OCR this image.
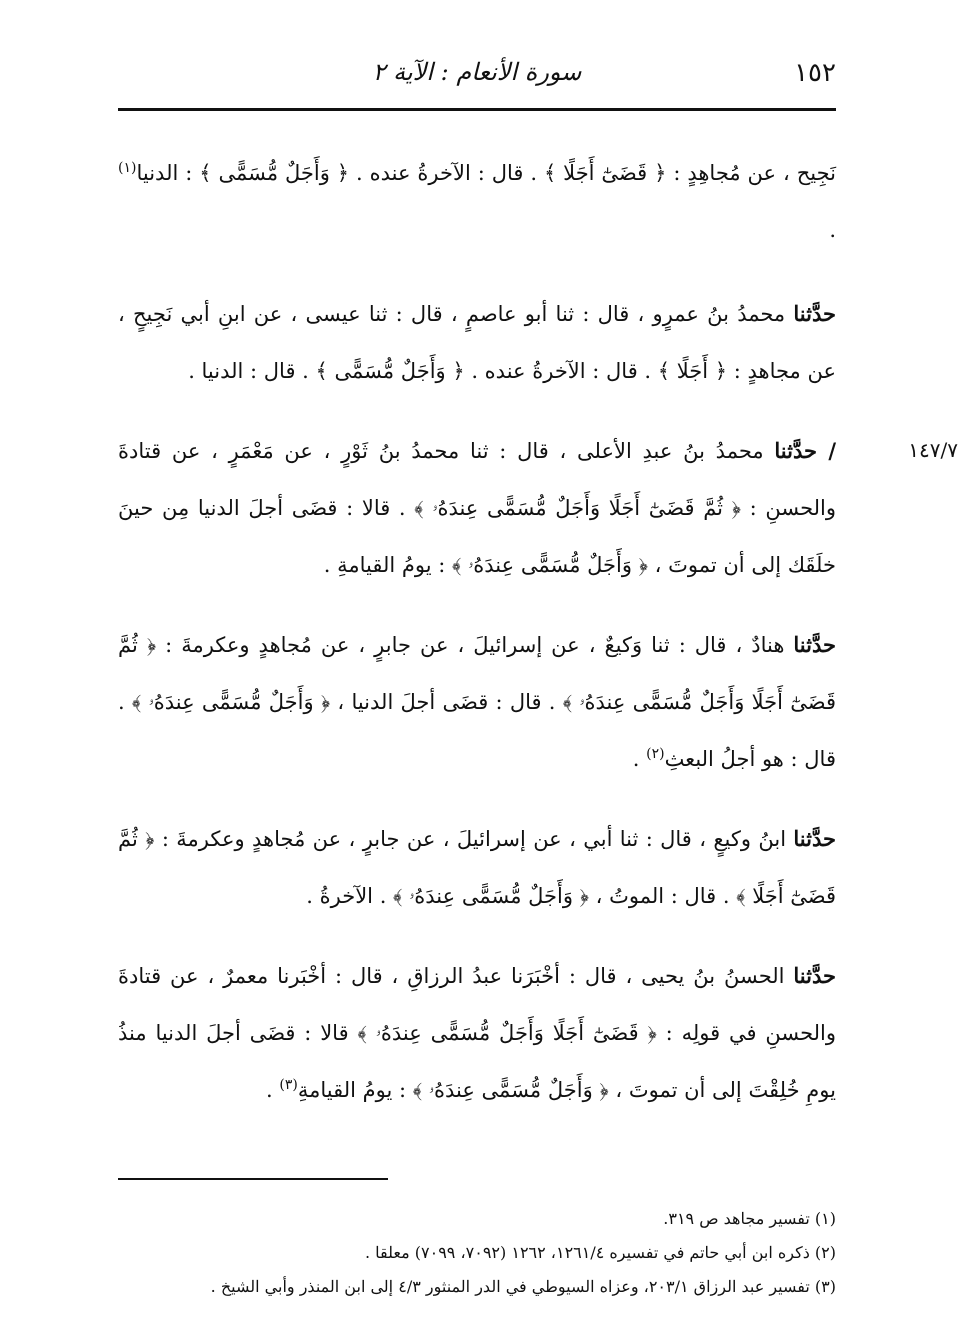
١٥٢
سورة الأنعام : الآية ٢

نَجِيح ، عن مُجاهِدٍ : ﴿ قَضَىٰٓ أَجَلًا ﴾ . قال : الآخرةُ عنده . ﴿ وَأَجَلٌ مُّسَمًّى ﴾ : الدنيا$^{(١)}$ .

حدَّثنا محمدُ بنُ عمرٍو ، قال : ثنا أبو عاصمٍ ، قال : ثنا عيسى ، عن ابنِ أبي نَجِيحٍ ، عن مجاهدٍ : ﴿ أَجَلًا ﴾ . قال : الآخرةُ عنده . ﴿ وَأَجَلٌ مُّسَمًّى ﴾ . قال : الدنيا .

١٤٧/٧
/ حدَّثنا محمدُ بنُ عبدِ الأعلى ، قال : ثنا محمدُ بنُ ثَوْرٍ ، عن مَعْمَرٍ ، عن قتادةَ والحسنِ : ﴿ ثُمَّ قَضَىٰٓ أَجَلًا وَأَجَلٌ مُّسَمًّى عِندَهُۥ ﴾ . قالا : قضَى أجلَ الدنيا مِن حينَ خلَقَك إلى أن تموتَ ، ﴿ وَأَجَلٌ مُّسَمًّى عِندَهُۥ ﴾ : يومُ القيامةِ .

حدَّثنا هنادٌ ، قال : ثنا وَكيعٌ ، عن إسرائيلَ ، عن جابرٍ ، عن مُجاهدٍ وعكرمةَ : ﴿ ثُمَّ قَضَىٰٓ أَجَلًا وَأَجَلٌ مُّسَمًّى عِندَهُۥ ﴾ . قال : قضَى أجلَ الدنيا ، ﴿ وَأَجَلٌ مُّسَمًّى عِندَهُۥ ﴾ . قال : هو أجلُ البعثِ$^{(٢)}$ .

حدَّثنا ابنُ وكيعٍ ، قال : ثنا أبي ، عن إسرائيلَ ، عن جابرٍ ، عن مُجاهدٍ وعكرمةَ : ﴿ ثُمَّ قَضَىٰٓ أَجَلًا ﴾ . قال : الموتُ ، ﴿ وَأَجَلٌ مُّسَمًّى عِندَهُۥ ﴾ . الآخرةُ .

حدَّثنا الحسنُ بنُ يحيى ، قال : أخْبَرَنا عبدُ الرزاقِ ، قال : أخْبَرنا معمرٌ ، عن قتادةَ والحسنِ في قولِه : ﴿ قَضَىٰٓ أَجَلًا وَأَجَلٌ مُّسَمًّى عِندَهُۥ ﴾ قالا : قضَى أجلَ الدنيا منذُ يومِ خُلِقْتَ إلى أن تموتَ ، ﴿ وَأَجَلٌ مُّسَمًّى عِندَهُۥ ﴾ : يومُ القيامةِ$^{(٣)}$ .

(١) تفسير مجاهد ص ٣١٩.

(٢) ذكره ابن أبي حاتم في تفسيره ١٢٦١/٤، ١٢٦٢ (٧٠٩٢، ٧٠٩٩) معلقا .

(٣) تفسير عبد الرزاق ٢٠٣/١، وعزاه السيوطي في الدر المنثور ٤/٣ إلى ابن المنذر وأبي الشيخ .
